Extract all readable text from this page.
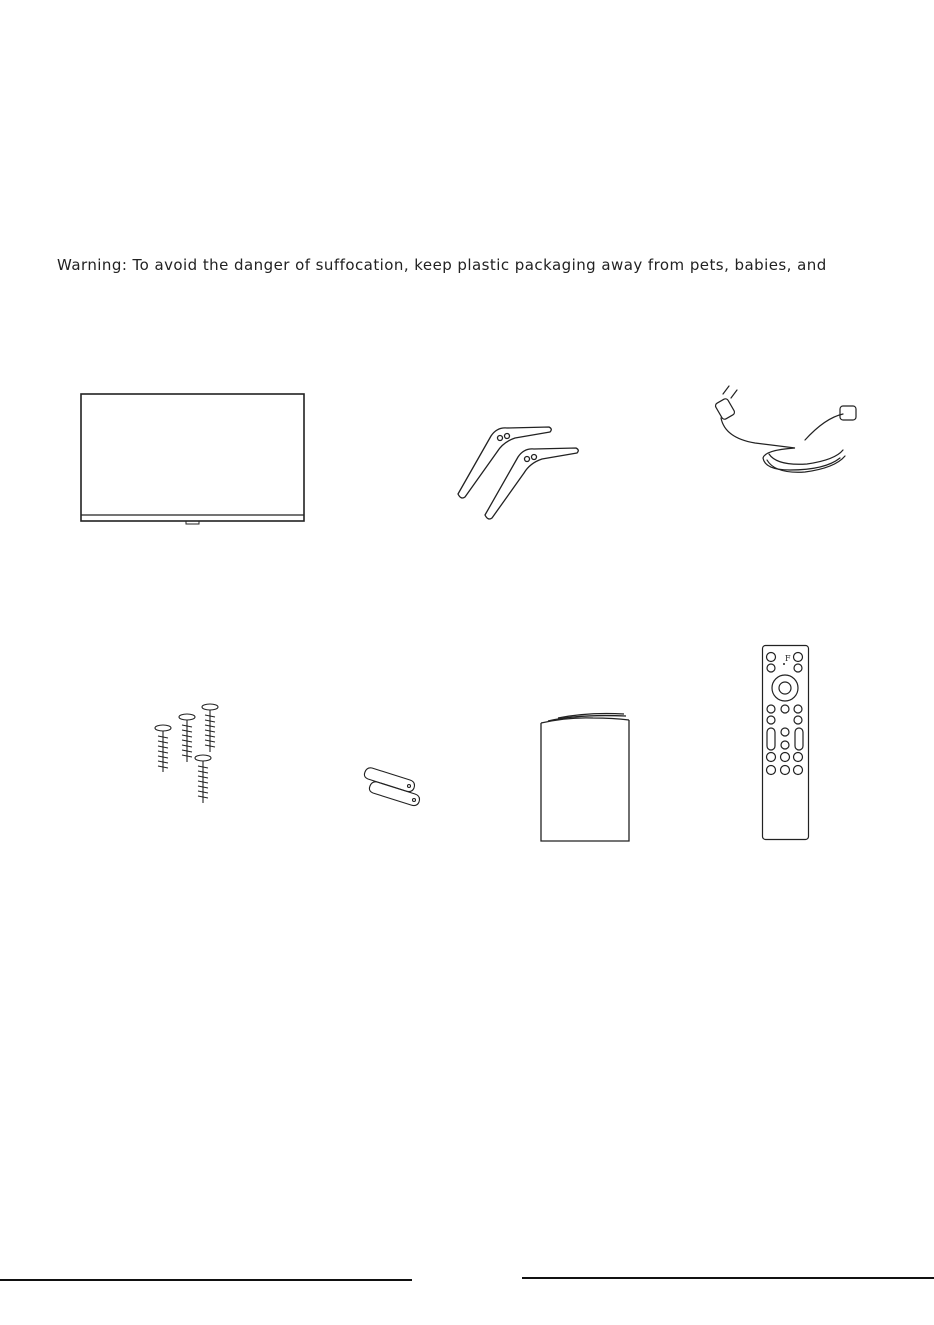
Warning: To avoid the danger of suffocation, keep plastic packaging away from pets, babies, and
F
